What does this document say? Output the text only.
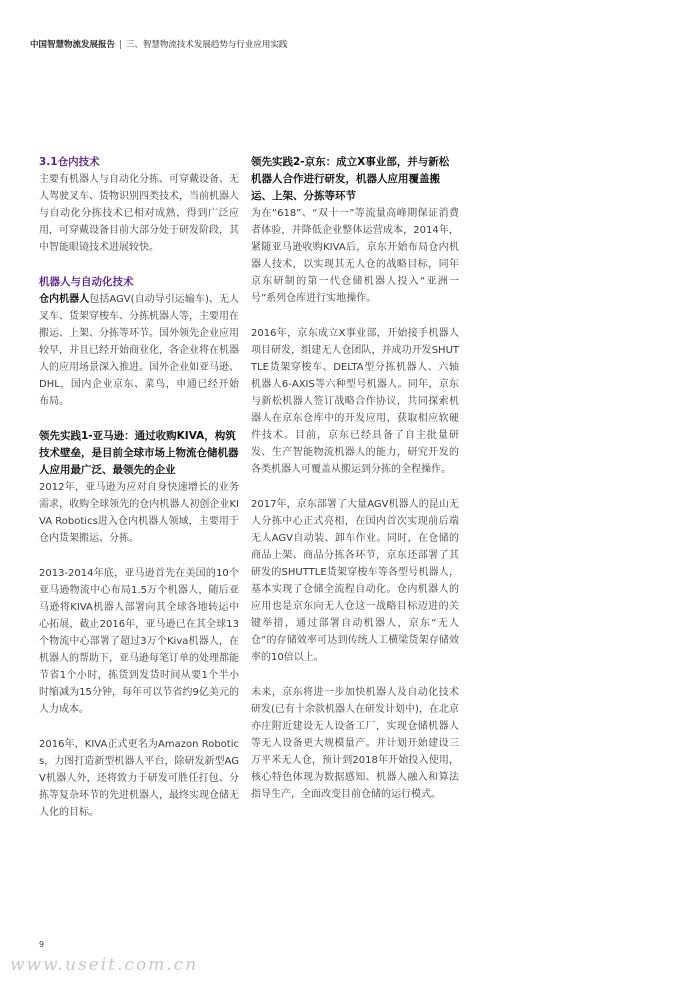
中国智慧物流发展报告 | 三、智慧物流技术发展趋势与行业应用实践

3.1仓内技术

主要有机器人与自动化分拣、可穿戴设备、无人驾驶叉车、货物识别四类技术，当前机器人与自动化分拣技术已相对成熟，得到广泛应用，可穿戴设备目前大部分处于研发阶段，其中智能眼镜技术进展较快。

机器人与自动化技术

仓内机器人包括AGV(自动导引运输车)、无人叉车、货架穿梭车、分拣机器人等，主要用在搬运、上架、分拣等环节。国外领先企业应用较早，并且已经开始商业化，各企业将在机器人的应用场景深入推进。国外企业如亚马逊、DHL，国内企业京东、菜鸟，申通已经开始布局。

领先实践1-亚马逊：通过收购KIVA，构筑技术壁垒，是目前全球市场上物流仓储机器人应用最广泛、最领先的企业

2012年，亚马逊为应对自身快速增长的业务需求，收购全球领先的仓内机器人初创企业KIVA Robotics进入仓内机器人领域，主要用于仓内货架搬运、分拣。

2013-2014年底，亚马逊首先在美国的10个亚马逊物流中心布局1.5万个机器人，随后亚马逊将KIVA机器人部署向其全球各地转运中心拓展，截止2016年，亚马逊已在其全球13个物流中心部署了超过3万个Kiva机器人，在机器人的帮助下，亚马逊每笔订单的处理都能节省1个小时，拣货到发货时间从要1个半小时缩减为15分钟，每年可以节省约9亿美元的人力成本。

2016年，KIVA正式更名为Amazon Robotics，力图打造新型机器人平台，除研发新型AGV机器人外，还将致力于研发可胜任打包、分拣等复杂环节的先进机器人，最终实现仓储无人化的目标。

领先实践2-京东：成立X事业部，并与新松机器人合作进行研发，机器人应用覆盖搬运、上架、分拣等环节

为在“618”、“双十一”等流量高峰期保证消费者体验，并降低企业整体运营成本，2014年，紧随亚马逊收购KIVA后，京东开始布局仓内机器人技术，以实现其无人仓的战略目标，同年京东研制的第一代仓储机器人投入“亚洲一号”系列仓库进行实地操作。

2016年，京东成立X事业部，开始接手机器人项目研发，组建无人仓团队，并成功开发SHUTTLE货架穿梭车、DELTA型分拣机器人、六轴机器人6-AXIS等六种型号机器人。同年，京东与新松机器人签订战略合作协议，共同探索机器人在京东仓库中的开发应用，获取相应软硬件技术。目前，京东已经具备了自主批量研发、生产智能物流机器人的能力，研究开发的各类机器人可覆盖从搬运到分拣的全程操作。

2017年，京东部署了大量AGV机器人的昆山无人分拣中心正式亮相，在国内首次实现前后端无人AGV自动装、卸车作业。同时，在仓储的商品上架、商品分拣各环节，京东还部署了其研发的SHUTTLE货架穿梭车等各型号机器人，基本实现了仓储全流程自动化。仓内机器人的应用也是京东向无人仓这一战略目标迈进的关键举措，通过部署自动机器人，京东“无人仓”的存储效率可达到传统人工横梁货架存储效率的10倍以上。

未来，京东将进一步加快机器人及自动化技术研发(已有十余款机器人在研发计划中)，在北京亦庄附近建设无人设备工厂，实现仓储机器人等无人设备更大规模量产。并计划开始建设三万平米无人仓，预计到2018年开始投入使用，核心特色体现为数据感知、机器人融入和算法指导生产，全面改变目前仓储的运行模式。

9
www.useit.com.cn
